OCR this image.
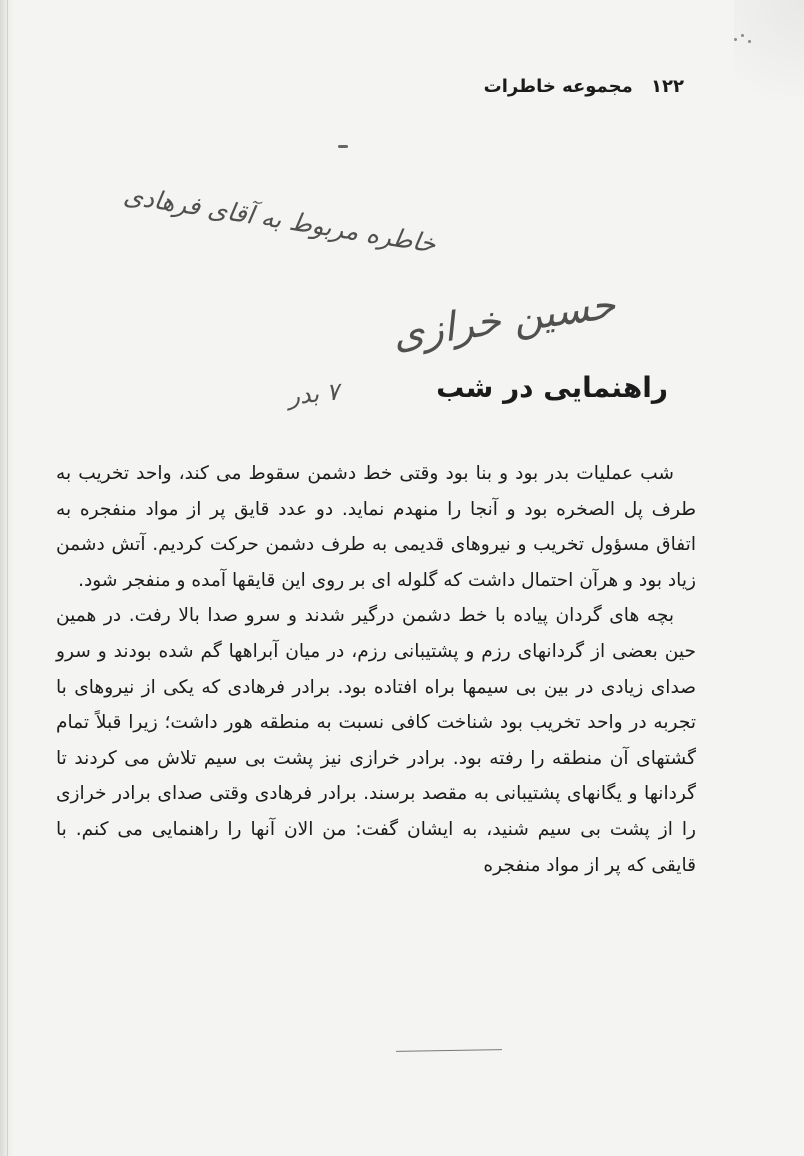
۱۲۲ مجموعه خاطرات
خاطره مربوط به آقای فرهادی
حسین خرازی
۷ بدر	راهنمایی در شب

شب عملیات بدر بود و بنا بود وقتی خط دشمن سقوط می کند، واحد تخریب به طرف پل الصخره بود و آنجا را منهدم نماید. دو عدد قایق پر از مواد منفجره به اتفاق مسؤول تخریب و نیروهای قدیمی به طرف دشمن حرکت کردیم. آتش دشمن زیاد بود و هرآن احتمال داشت که گلوله ای بر روی این قایقها آمده و منفجر شود.

بچه های گردان پیاده با خط دشمن درگیر شدند و سرو صدا بالا رفت. در همین حین بعضی از گردانهای رزم و پشتیبانی رزم، در میان آبراهها گم شده بودند و سرو صدای زیادی در بین بی سیمها براه افتاده بود. برادر فرهادی که یکی از نیروهای با تجربه در واحد تخریب بود شناخت کافی نسبت به منطقه هور داشت؛ زیرا قبلاً تمام گشتهای آن منطقه را رفته بود. برادر خرازی نیز پشت بی سیم تلاش می کردند تا گردانها و یگانهای پشتیبانی به مقصد برسند. برادر فرهادی وقتی صدای برادر خرازی را از پشت بی سیم شنید، به ایشان گفت: من الان آنها را راهنمایی می کنم. با قایقی که پر از مواد منفجره
